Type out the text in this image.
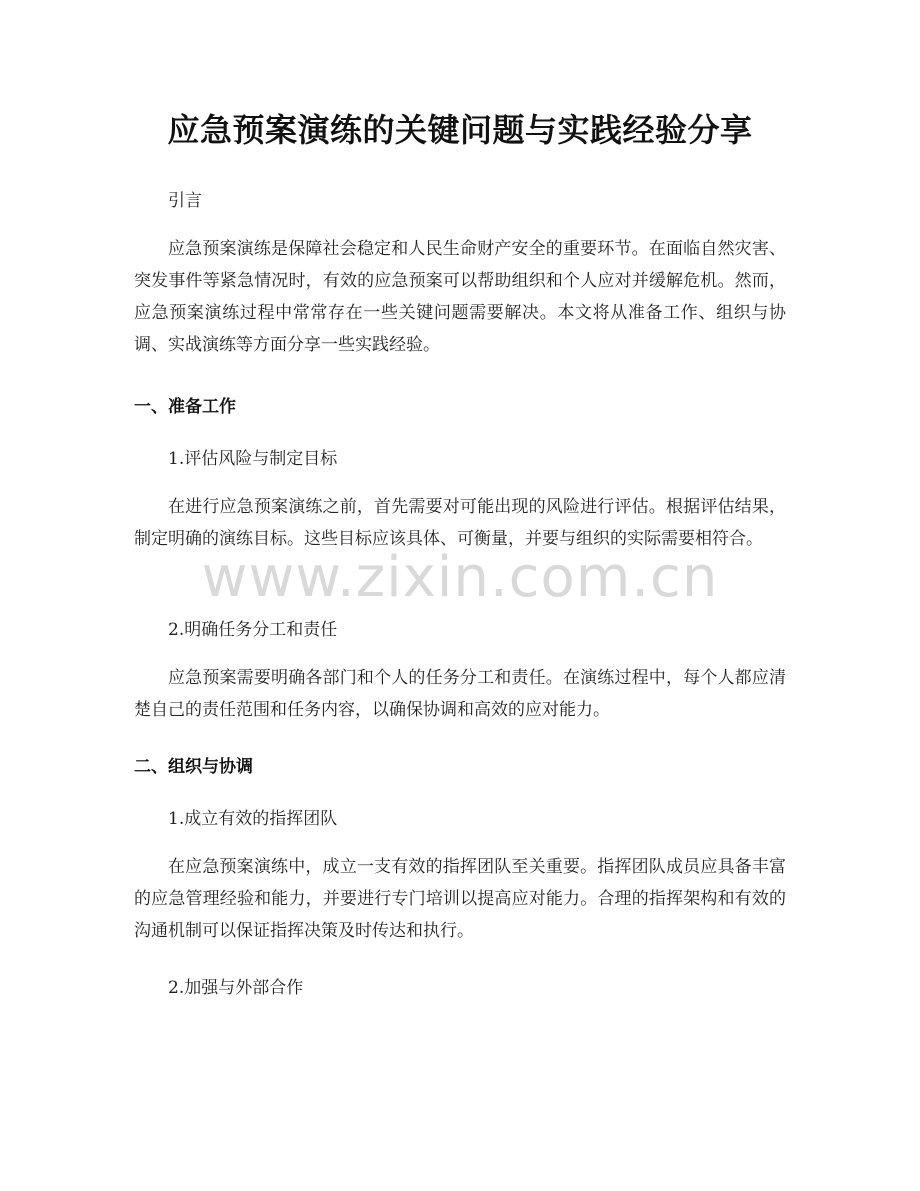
www.zixin.com.cn
应急预案演练的关键问题与实践经验分享
引言
应急预案演练是保障社会稳定和人民生命财产安全的重要环节。在面临自然灾害、突发事件等紧急情况时，有效的应急预案可以帮助组织和个人应对并缓解危机。然而，应急预案演练过程中常常存在一些关键问题需要解决。本文将从准备工作、组织与协调、实战演练等方面分享一些实践经验。
一、准备工作
1.评估风险与制定目标
在进行应急预案演练之前，首先需要对可能出现的风险进行评估。根据评估结果，制定明确的演练目标。这些目标应该具体、可衡量，并要与组织的实际需要相符合。
2.明确任务分工和责任
应急预案需要明确各部门和个人的任务分工和责任。在演练过程中，每个人都应清楚自己的责任范围和任务内容，以确保协调和高效的应对能力。
二、组织与协调
1.成立有效的指挥团队
在应急预案演练中，成立一支有效的指挥团队至关重要。指挥团队成员应具备丰富的应急管理经验和能力，并要进行专门培训以提高应对能力。合理的指挥架构和有效的沟通机制可以保证指挥决策及时传达和执行。
2.加强与外部合作
